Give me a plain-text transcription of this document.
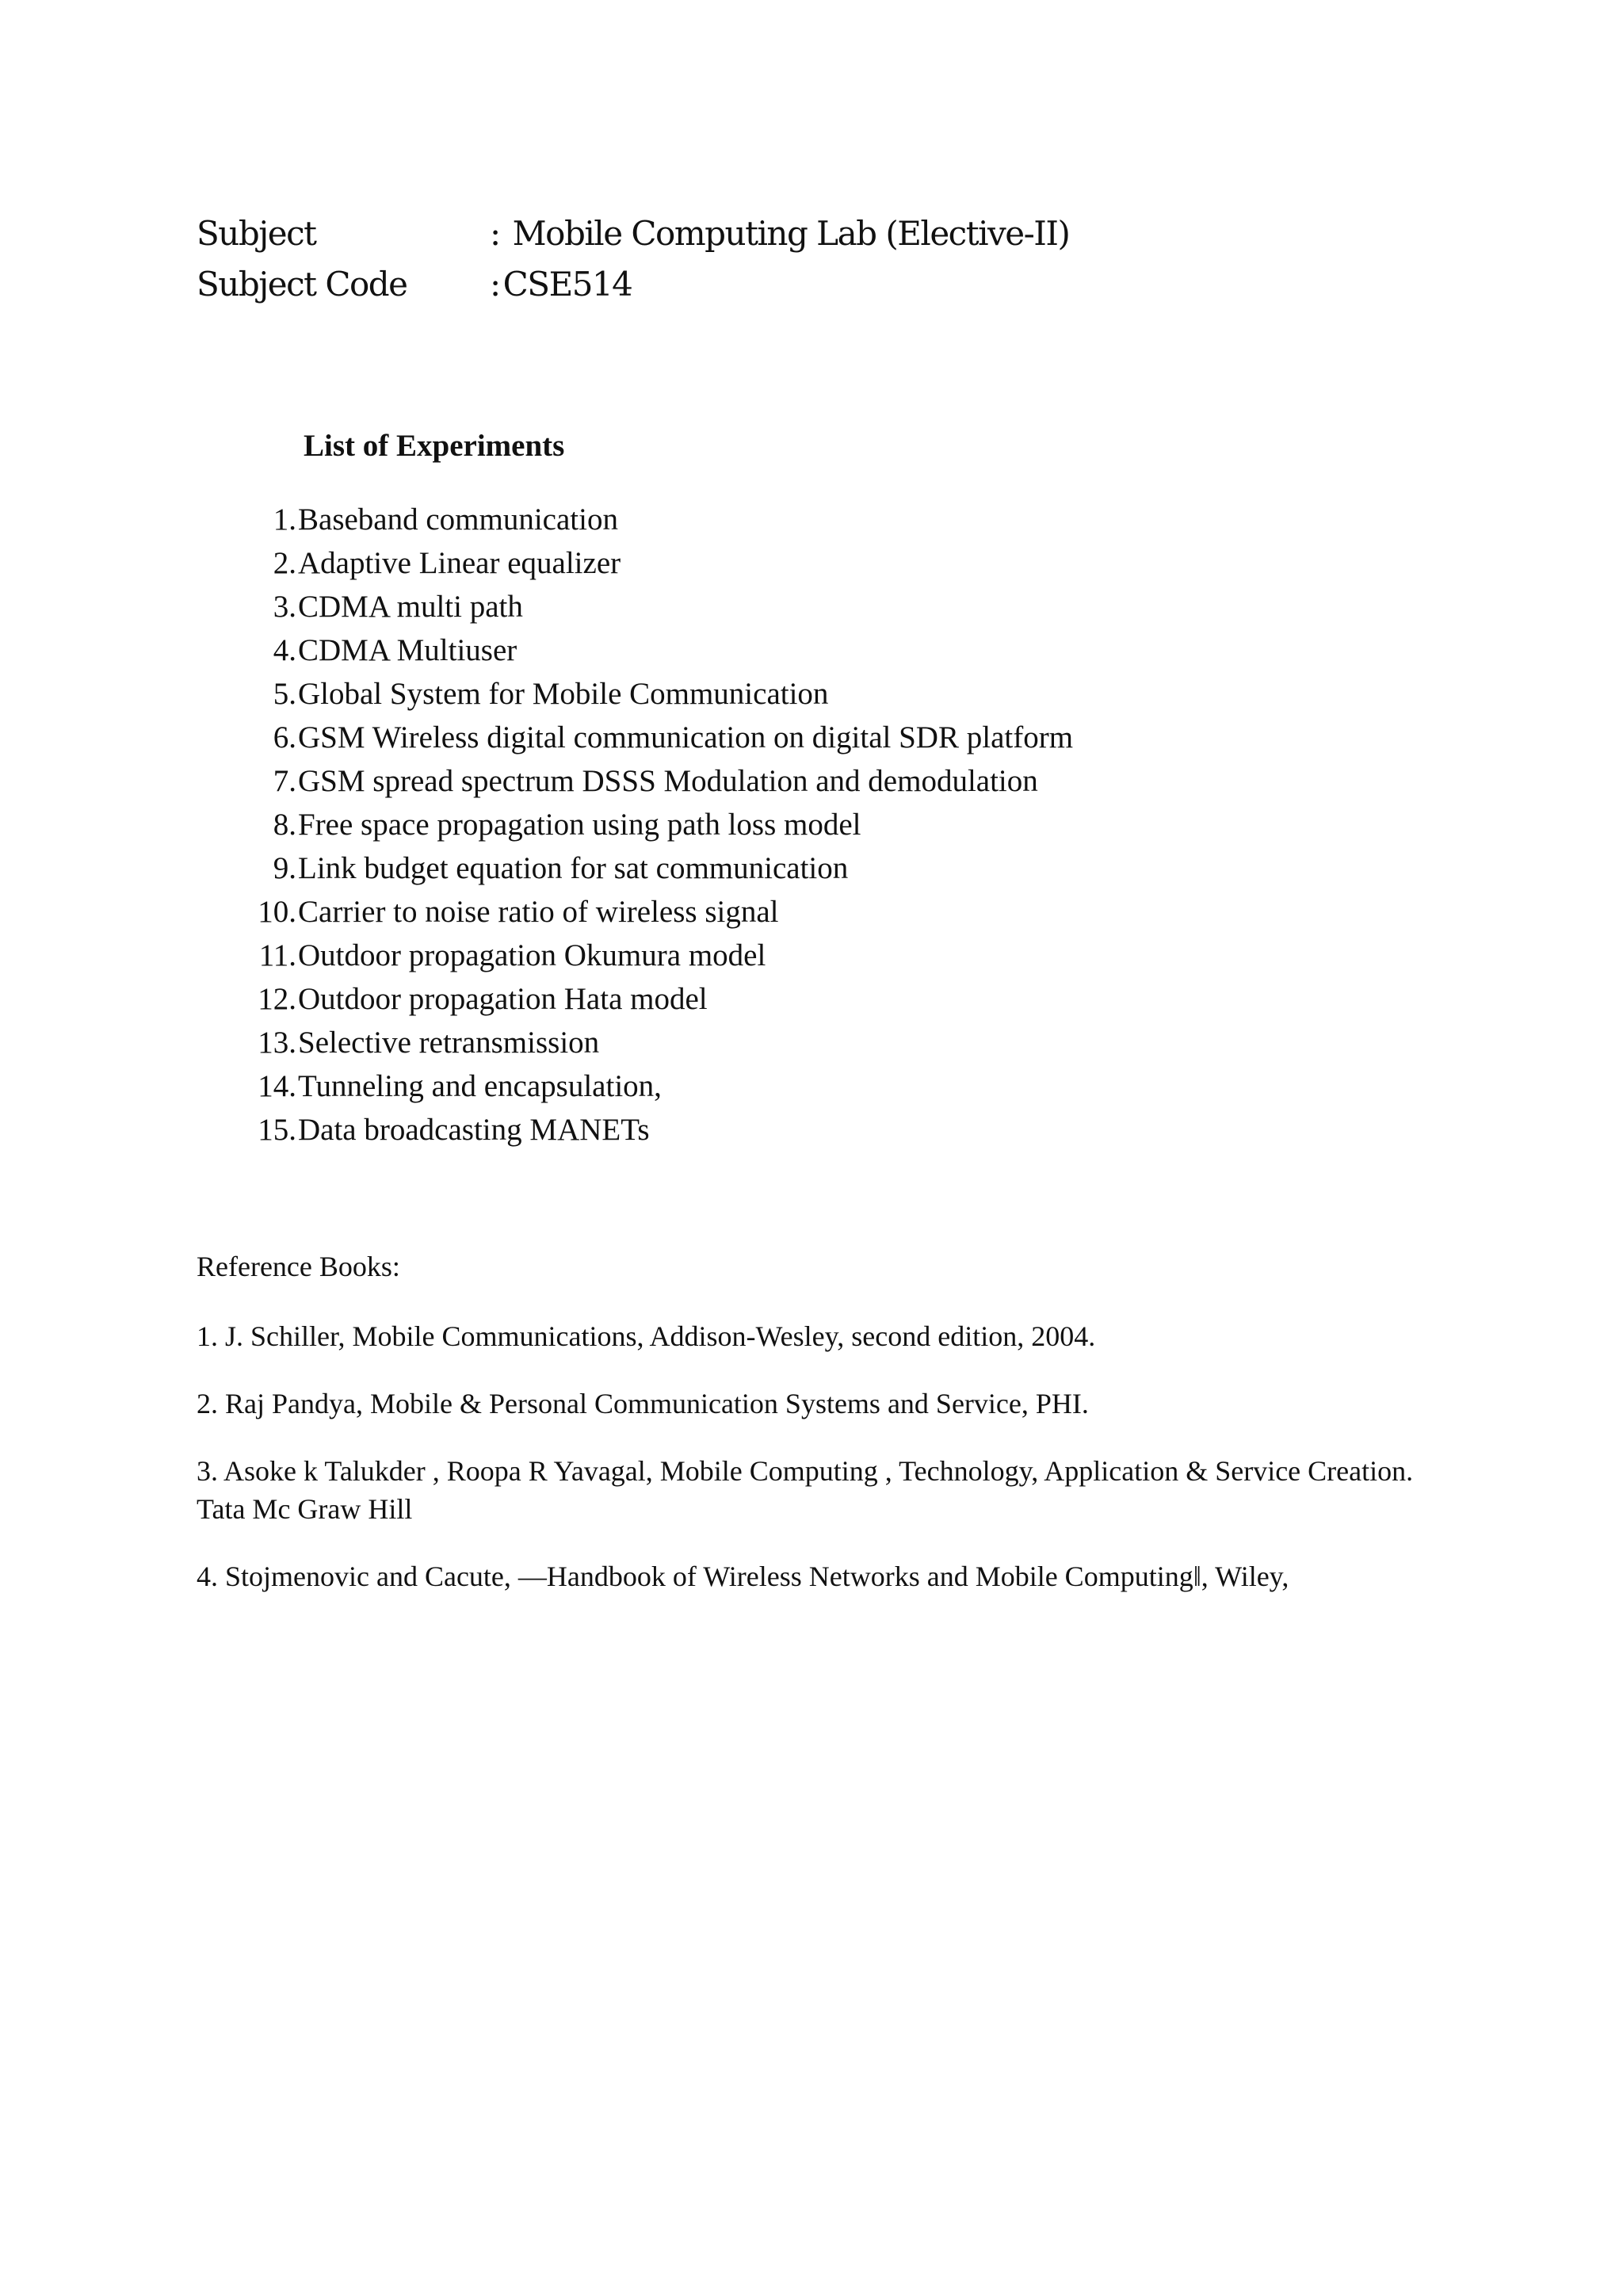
Subject	: Mobile Computing Lab (Elective-II)
Subject Code	:CSE514
List of Experiments
1. Baseband communication
2. Adaptive Linear equalizer
3. CDMA multi path
4. CDMA Multiuser
5. Global System for Mobile Communication
6. GSM Wireless digital communication on digital SDR platform
7. GSM spread spectrum DSSS Modulation and demodulation
8. Free space propagation using path loss model
9. Link budget equation for sat communication
10. Carrier to noise ratio of wireless signal
11. Outdoor propagation Okumura model
12. Outdoor propagation Hata model
13. Selective retransmission
14. Tunneling and encapsulation,
15. Data broadcasting MANETs
Reference Books:
1. J. Schiller, Mobile Communications, Addison-Wesley, second edition, 2004.
2. Raj Pandya, Mobile & Personal Communication Systems and Service, PHI.
3. Asoke k Talukder , Roopa R Yavagal, Mobile Computing , Technology, Application & Service Creation. Tata Mc Graw Hill
4. Stojmenovic and Cacute, ―Handbook of Wireless Networks and Mobile Computing‖, Wiley,
